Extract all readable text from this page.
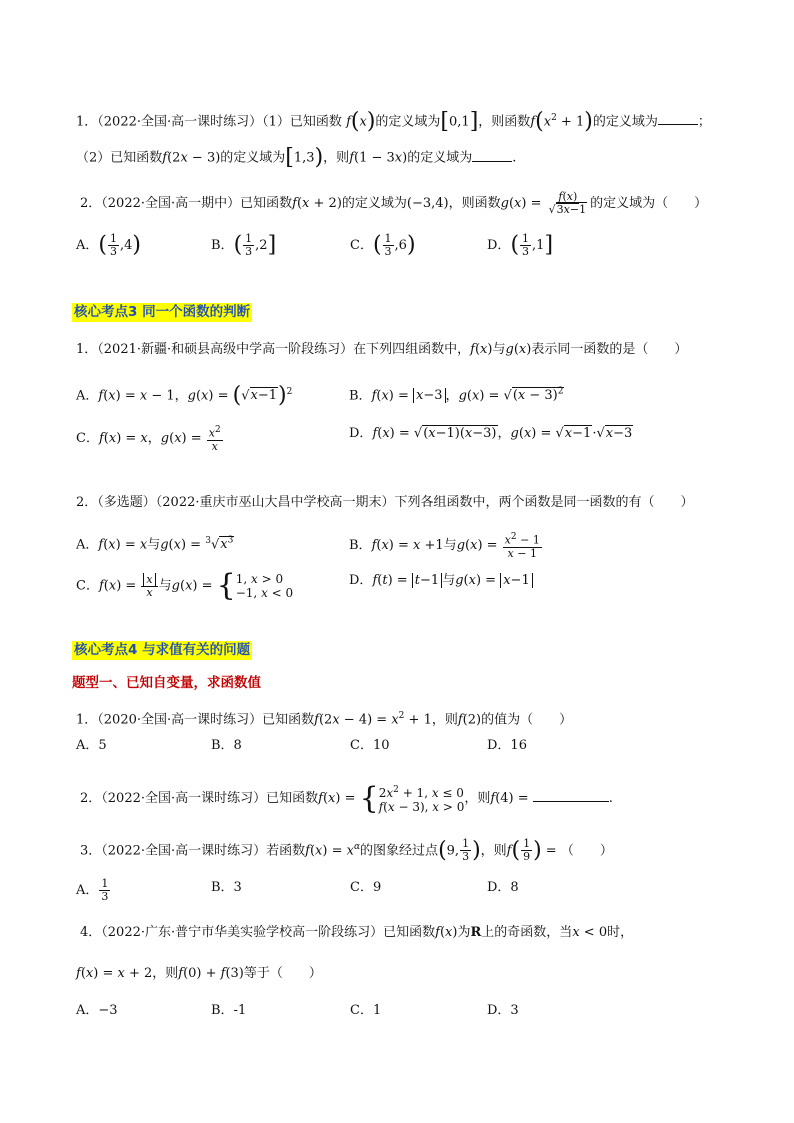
1．（2022·全国·高一课时练习）（1）已知函数 f(x)的定义域为[0,1]，则函数$f(x^2 + 1)$的定义域为	；
（2）已知函数f(2x − 3)的定义域为[1,3)，则f(1 − 3x)的定义域为	.
2．（2022·全国·高一期中）已知函数f(x + 2)的定义域为(−3,4)，则函数$g(x) = \frac{f(x)}{√3x-1}$ 的定义域为（　　）
A．( $\frac{1}{3} ,4$)	B．( $\frac{1}{3} ,2$]	C．( $\frac{1}{3} ,6$)	D．( $\frac{1}{3} ,1$]
核心考点3 同一个函数的判断
1．（2021·新疆·和硕县高级中学高一阶段练习）在下列四组函数中，f(x)与g(x)表示同一函数的是（　　）
A．f(x) = x − 1，$g(x) = (√x-1)^2$	B．f(x) = x−3 ，$g(x) = √(x - 3)^2$
C．f(x) = x，$g(x) = \frac{x^2}{x}$	D．f(x) = √(x−1)(x−3)，g(x) = √x−1·√x−3
2．（多选题）（2022·重庆市巫山大昌中学校高一期末）下列各组函数中，两个函数是同一函数的有（　　）
A．f(x) = x与$g(x) = ^3√x^3$	B．f(x) = x +1与$g(x) = \frac{x^2 - 1}{x - 1}$
C．$f(x) = \frac{x}{x}$ 与g(x) = { 1, x > 0
−1, x < 0
D．f(t) = t−1 与g(x) = x−1
核心考点4 与求值有关的问题
题型一、已知自变量，求函数值
1．（2020·全国·高一课时练习）已知函数$f(2x - 4) = x^2 + 1$，则f(2)的值为（　　）
A．5	B．8	C．10	D．16
2．（2022·全国·高一课时练习）已知函数f(x) = { $2x^2 + 1$, x ≤ 0
f(x − 3), x > 0
，则f(4) =	.
3．（2022·全国·高一课时练习）若函数$f(x) = x^\alpha$的图象经过点(9, $\frac{1}{3}$ )，则$f( \frac{1}{9}$ ) = （　　）
A． $\frac{1}{3}$	B．3	C．9	D．8
4．（2022·广东·普宁市华美实验学校高一阶段练习）已知函数f(x)为R上的奇函数，当x < 0时，
f(x) = x + 2，则f(0) + f(3)等于（　　）
A．−3	B．-1	C．1	D．3
